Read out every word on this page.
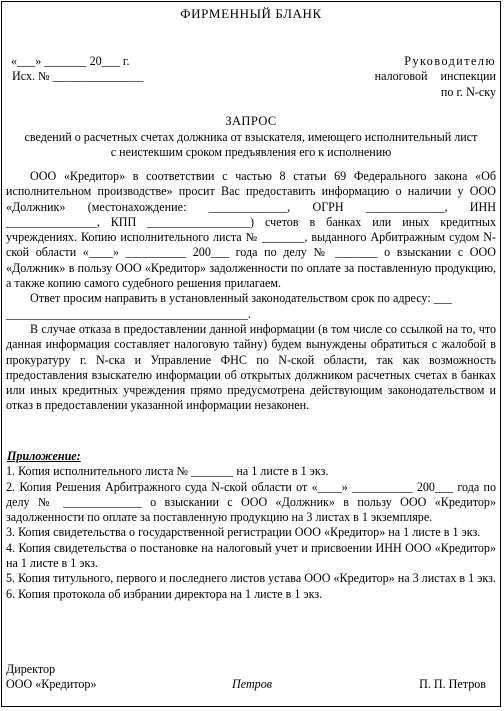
ФИРМЕННЫЙ БЛАНК
«___» _______ 20___ г.
Исх. № _______________
Руководителю
налоговой инспекции
по г. N-ску
ЗАПРОС
сведений о расчетных счетах должника от взыскателя, имеющего исполнительный лист с неистекшим сроком предъявления его к исполнению

ООО «Кредитор» в соответствии с частью 8 статьи 69 Федерального закона «Об исполнительном производстве» просит Вас предоставить информацию о наличии у ООО «Должник» (местонахождение: _____________, ОГРН _____________, ИНН _______________, КПП _________________) счетов в банках или иных кредитных учреждениях. Копию исполнительного листа № _______, выданного Арбитражным судом N-ской области «____» __________ 200___ года по делу № _______ о взыскании с ООО «Должник» в пользу ООО «Кредитор» задолженности по оплате за поставленную продукцию, а также копию самого судебного решения прилагаем.

Ответ просим направить в установленный законодательством срок по адресу: ___

________________________________________.

В случае отказа в предоставлении данной информации (в том числе со ссылкой на то, что данная информация составляет налоговую тайну) будем вынуждены обратиться с жалобой в прокуратуру г. N-ска и Управление ФНС по N-ской области, так как возможность предоставления взыскателю информации об открытых должником расчетных счетах в банках или иных кредитных учреждения прямо предусмотрена действующим законодательством и отказ в предоставлении указанной информации незаконен.

Приложение:
1. Копия исполнительного листа № _______ на 1 листе в 1 экз.
2. Копия Решения Арбитражного суда N-ской области от «____» __________ 200___ года по делу № _____________ о взыскании с ООО «Должник» в пользу ООО «Кредитор» задолженности по оплате за поставленную продукцию на 3 листах в 1 экземпляре.
3. Копия свидетельства о государственной регистрации ООО «Кредитор» на 1 листе в 1 экз.
4. Копия свидетельства о постановке на налоговый учет и присвоении ИНН ООО «Кредитор» на 1 листе в 1 экз.
5. Копия титульного, первого и последнего листов устава ООО «Кредитор» на 3 листах в 1 экз.
6. Копия протокола об избрании директора на 1 листе в 1 экз.
Директор
ООО «Кредитор»	Петров	П. П. Петров
